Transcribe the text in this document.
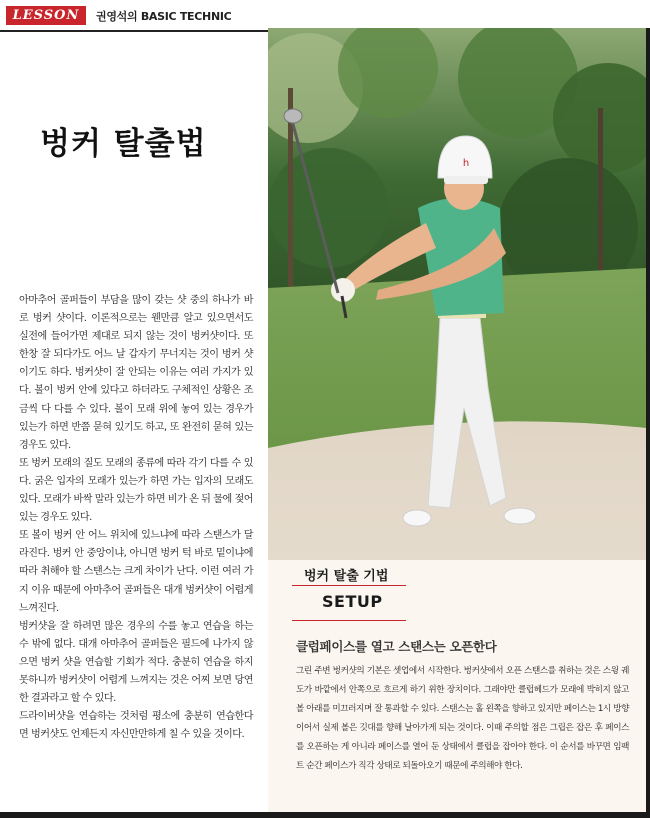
LESSON	권영석의 BASIC TECHNIC
벙커 탈출법

아마추어 골퍼들이 부담을 많이 갖는 샷 중의 하나가 바로 벙커 샷이다. 이론적으로는 웬만큼 알고 있으면서도 실전에 들어가면 제대로 되지 않는 것이 벙커샷이다. 또 한창 잘 되다가도 어느 날 갑자기 무너지는 것이 벙커 샷이기도 하다. 벙커샷이 잘 안되는 이유는 여러 가지가 있다. 볼이 벙커 안에 있다고 하더라도 구체적인 상황은 조금씩 다 다를 수 있다. 볼이 모래 위에 놓여 있는 경우가 있는가 하면 반쯤 묻혀 있기도 하고, 또 완전히 묻혀 있는 경우도 있다.

또 벙커 모래의 질도 모래의 종류에 따라 각기 다를 수 있다. 굵은 입자의 모래가 있는가 하면 가는 입자의 모래도 있다. 모래가 바싹 말라 있는가 하면 비가 온 뒤 물에 젖어 있는 경우도 있다.

또 볼이 벙커 안 어느 위치에 있느냐에 따라 스탠스가 달라진다. 벙커 안 중앙이냐, 아니면 벙커 턱 바로 밑이냐에 따라 취해야 할 스탠스는 크게 차이가 난다. 이런 여러 가지 이유 때문에 아마추어 골퍼들은 대개 벙커샷이 어렵게 느껴진다.

벙커샷을 잘 하려면 많은 경우의 수를 놓고 연습을 하는 수 밖에 없다. 대개 아마추어 골퍼들은 필드에 나가지 않으면 벙커 샷을 연습할 기회가 적다. 충분히 연습을 하지 못하니까 벙커샷이 어렵게 느껴지는 것은 어찌 보면 당연한 결과라고 할 수 있다.

드라이버샷을 연습하는 것처럼 평소에 충분히 연습한다면 벙커샷도 언제든지 자신만만하게 칠 수 있을 것이다.

h
벙커 탈출 기법
SETUP
클럽페이스를 열고 스탠스는 오픈한다

그린 주변 벙커샷의 기본은 셋업에서 시작한다. 벙커샷에서 오픈 스탠스를 취하는 것은 스윙 궤도가 바깥에서 안쪽으로 흐르게 하기 위한 장치이다. 그래야만 클럽헤드가 모래에 박히지 않고 볼 아래를 미끄러지며 잘 통과할 수 있다. 스탠스는 홀 왼쪽을 향하고 있지만 페이스는 1시 방향이어서 실제 볼은 깃대를 향해 날아가게 되는 것이다. 이때 주의할 점은 그립은 잡은 후 페이스를 오픈하는 게 아니라 페이스를 열어 둔 상태에서 클럽을 잡아야 한다. 이 순서를 바꾸면 임팩트 순간 페이스가 직각 상태로 되돌아오기 때문에 주의해야 한다.
